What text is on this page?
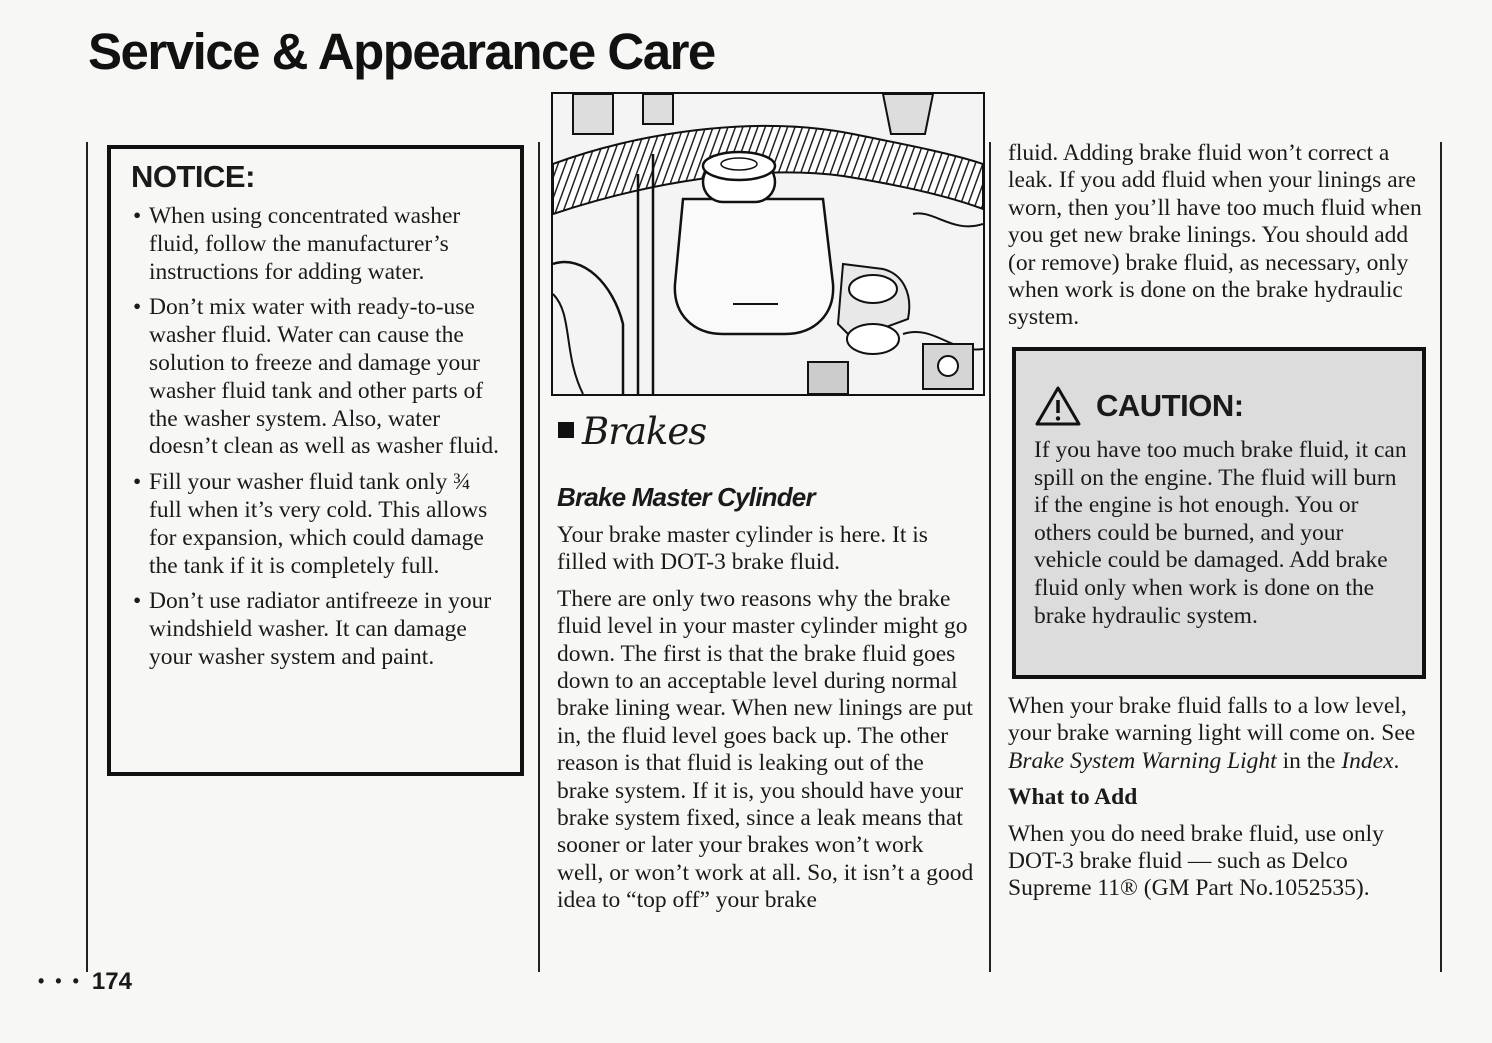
Service & Appearance Care
NOTICE:
• When using concentrated washer fluid, follow the manufacturer’s instructions for adding water.
• Don’t mix water with ready-to-use washer fluid. Water can cause the solution to freeze and damage your washer fluid tank and other parts of the washer system. Also, water doesn’t clean as well as washer fluid.
• Fill your washer fluid tank only ¾ full when it’s very cold. This allows for expansion, which could damage the tank if it is completely full.
• Don’t use radiator antifreeze in your windshield washer. It can damage your washer system and paint.
Brakes
Brake Master Cylinder

Your brake master cylinder is here. It is filled with DOT-3 brake fluid.

There are only two reasons why the brake fluid level in your master cylinder might go down. The first is that the brake fluid goes down to an acceptable level during normal brake lining wear. When new linings are put in, the fluid level goes back up. The other reason is that fluid is leaking out of the brake system. If it is, you should have your brake system fixed, since a leak means that sooner or later your brakes won’t work well, or won’t work at all. So, it isn’t a good idea to “top off” your brake

fluid. Adding brake fluid won’t correct a leak. If you add fluid when your linings are worn, then you’ll have too much fluid when you get new brake linings. You should add (or remove) brake fluid, as necessary, only when work is done on the brake hydraulic system.

CAUTION:
If you have too much brake fluid, it can spill on the engine. The fluid will burn if the engine is hot enough. You or others could be burned, and your vehicle could be damaged. Add brake fluid only when work is done on the brake hydraulic system.

When your brake fluid falls to a low level, your brake warning light will come on. See Brake System Warning Light in the Index.

What to Add

When you do need brake fluid, use only DOT-3 brake fluid — such as Delco Supreme 11® (GM Part No.1052535).

• • • 174
